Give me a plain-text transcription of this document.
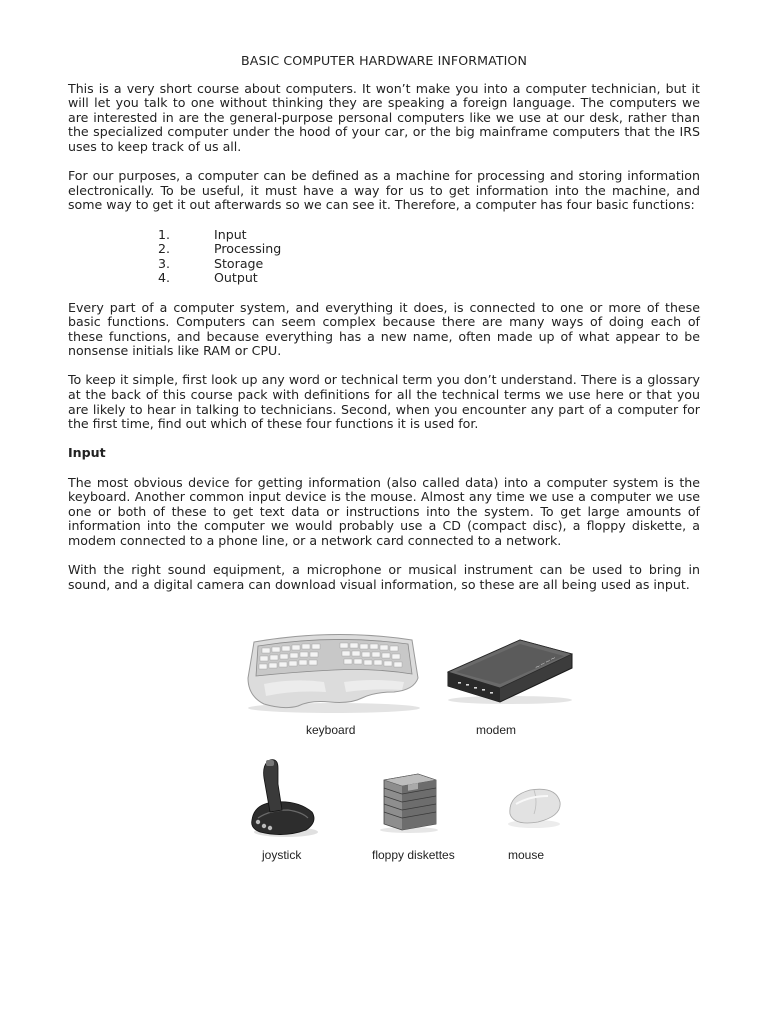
BASIC COMPUTER HARDWARE INFORMATION

This is a very short course about computers. It won’t make you into a computer technician, but it will let you talk to one without thinking they are speaking a foreign language. The computers we are interested in are the general-purpose personal computers like we use at our desk, rather than the specialized computer under the hood of your car, or the big mainframe computers that the IRS uses to keep track of us all.

For our purposes, a computer can be defined as a machine for processing and storing information electronically. To be useful, it must have a way for us to get information into the machine, and some way to get it out afterwards so we can see it. Therefore, a computer has four basic functions:

1.	Input
2.	Processing
3.	Storage
4.	Output

Every part of a computer system, and everything it does, is connected to one or more of these basic functions. Computers can seem complex because there are many ways of doing each of these functions, and because everything has a new name, often made up of what appear to be nonsense initials like RAM or CPU.

To keep it simple, first look up any word or technical term you don’t understand. There is a glossary at the back of this course pack with definitions for all the technical terms we use here or that you are likely to hear in talking to technicians. Second, when you encounter any part of a computer for the first time, find out which of these four functions it is used for.

Input

The most obvious device for getting information (also called data) into a computer system is the keyboard. Another common input device is the mouse. Almost any time we use a computer we use one or both of these to get text data or instructions into the system. To get large amounts of information into the computer we would probably use a CD (compact disc), a floppy diskette, a modem connected to a phone line, or a network card connected to a network.

With the right sound equipment, a microphone or musical instrument can be used to bring in sound, and a digital camera can download visual information, so these are all being used as input.

~~~~
keyboard	modem
joystick	floppy diskettes	mouse
